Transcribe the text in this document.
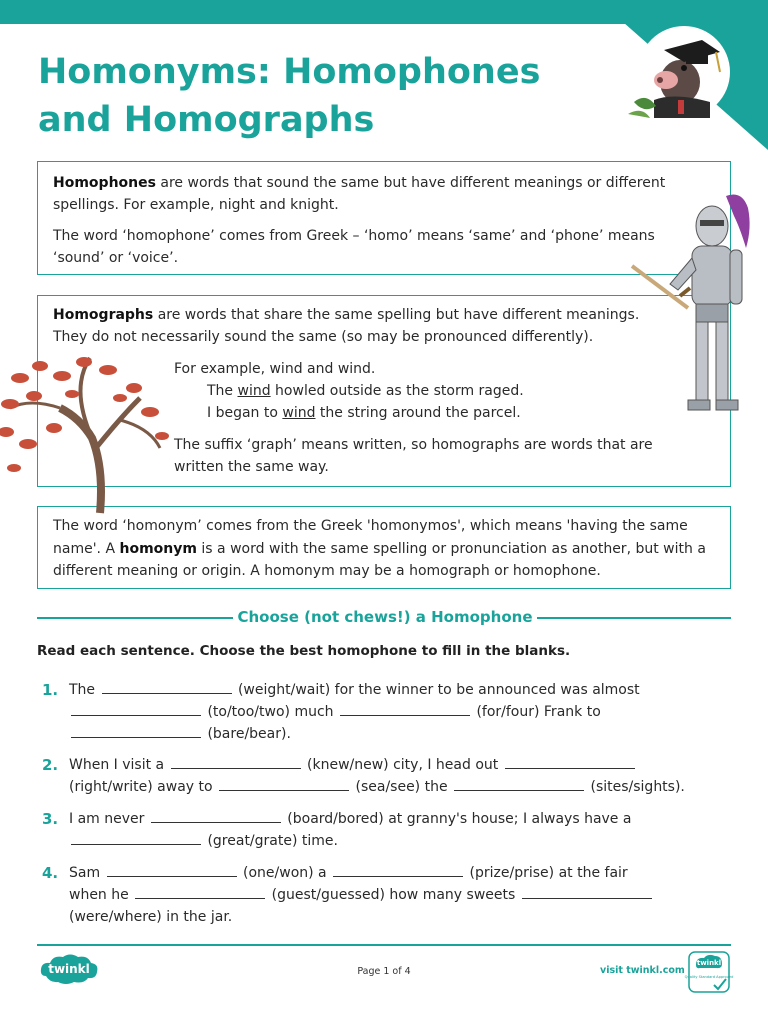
Homonyms: Homophones
and Homographs

Homophones are words that sound the same but have different meanings or different spellings. For example, night and knight.

The word ‘homophone’ comes from Greek – ‘homo’ means ‘same’ and ‘phone’ means ‘sound’ or ‘voice’.

Homographs are words that share the same spelling but have different meanings. They do not necessarily sound the same (so may be pronounced differently).

For example, wind and wind.

The wind howled outside as the storm raged.

I began to wind the string around the parcel.

The suffix ‘graph’ means written, so homographs are words that are written the same way.

The word ‘homonym’ comes from the Greek 'homonymos', which means 'having the same name'. A homonym is a word with the same spelling or pronunciation as another, but with a different meaning or origin. A homonym may be a homograph or homophone.

Choose (not chews!) a Homophone
Read each sentence. Choose the best homophone to fill in the blanks.
1. The	(weight/wait) for the winner to be announced was almost
(to/too/two) much	(for/four) Frank to
(bare/bear).
2. When I visit a	(knew/new) city, I head out
(right/write) away to	(sea/see) the	(sites/sights).
3. I am never	(board/bored) at granny's house; I always have a
(great/grate) time.
4. Sam	(one/won) a	(prize/prise) at the fair
when he	(guest/guessed) how many sweets
(were/where) in the jar.
twinkl	Page 1 of 4	visit twinkl.com
twinkl
Quality Standard Approved
